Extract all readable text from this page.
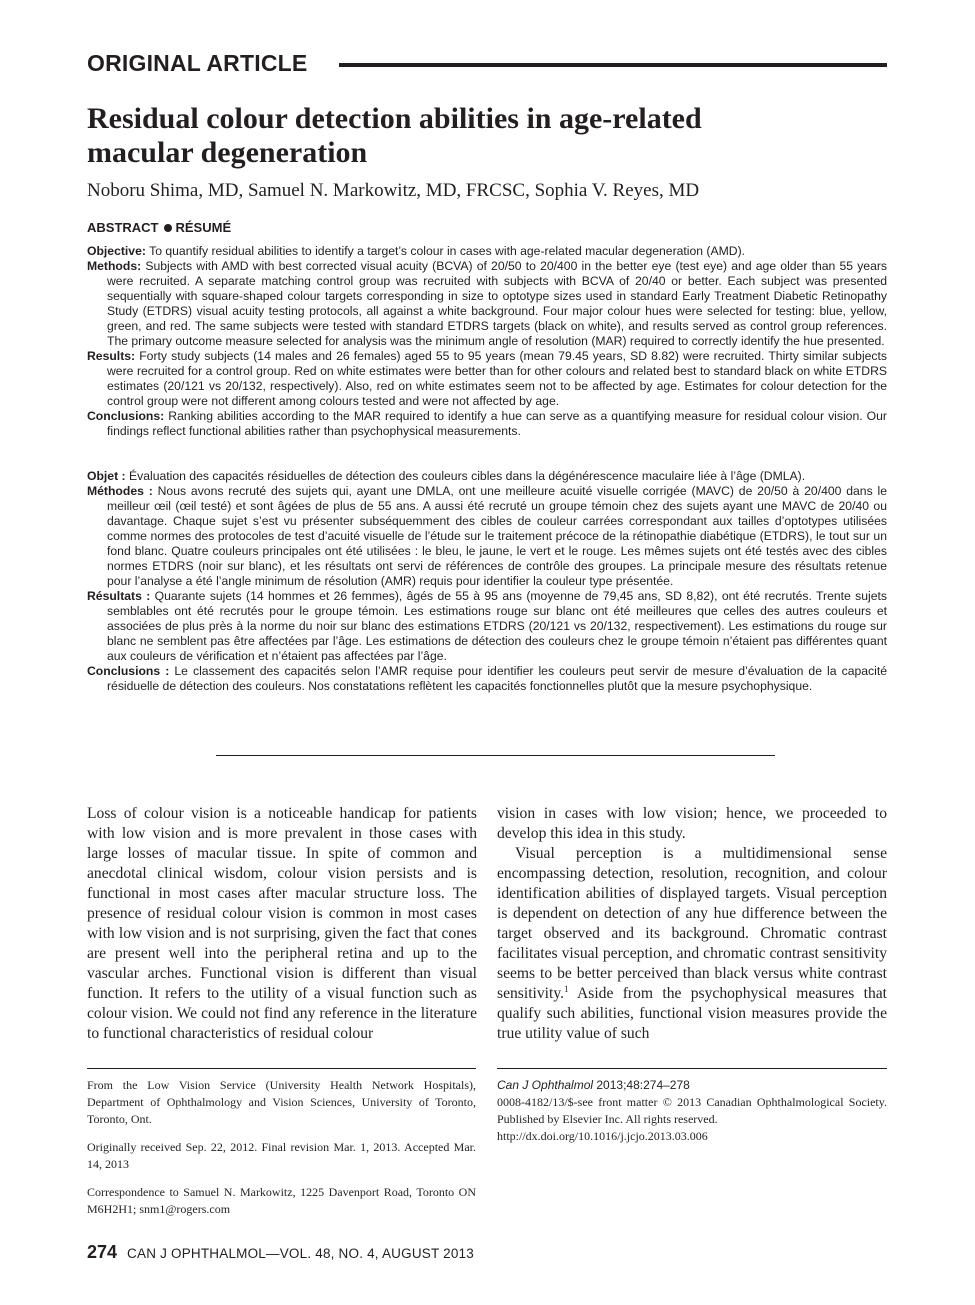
ORIGINAL ARTICLE
Residual colour detection abilities in age-related
macular degeneration
Noboru Shima, MD, Samuel N. Markowitz, MD, FRCSC, Sophia V. Reyes, MD
ABSTRACT RÉSUMÉ

Objective: To quantify residual abilities to identify a target’s colour in cases with age-related macular degeneration (AMD).

Methods: Subjects with AMD with best corrected visual acuity (BCVA) of 20/50 to 20/400 in the better eye (test eye) and age older than 55 years were recruited. A separate matching control group was recruited with subjects with BCVA of 20/40 or better. Each subject was presented sequentially with square-shaped colour targets corresponding in size to optotype sizes used in standard Early Treatment Diabetic Retinopathy Study (ETDRS) visual acuity testing protocols, all against a white background. Four major colour hues were selected for testing: blue, yellow, green, and red. The same subjects were tested with standard ETDRS targets (black on white), and results served as control group references. The primary outcome measure selected for analysis was the minimum angle of resolution (MAR) required to correctly identify the hue presented.

Results: Forty study subjects (14 males and 26 females) aged 55 to 95 years (mean 79.45 years, SD 8.82) were recruited. Thirty similar subjects were recruited for a control group. Red on white estimates were better than for other colours and related best to standard black on white ETDRS estimates (20/121 vs 20/132, respectively). Also, red on white estimates seem not to be affected by age. Estimates for colour detection for the control group were not different among colours tested and were not affected by age.

Conclusions: Ranking abilities according to the MAR required to identify a hue can serve as a quantifying measure for residual colour vision. Our findings reflect functional abilities rather than psychophysical measurements.

Objet : Évaluation des capacités résiduelles de détection des couleurs cibles dans la dégénérescence maculaire liée à l’âge (DMLA).

Méthodes : Nous avons recruté des sujets qui, ayant une DMLA, ont une meilleure acuité visuelle corrigée (MAVC) de 20/50 à 20/400 dans le meilleur œil (œil testé) et sont âgées de plus de 55 ans. A aussi été recruté un groupe témoin chez des sujets ayant une MAVC de 20/40 ou davantage. Chaque sujet s’est vu présenter subséquemment des cibles de couleur carrées correspondant aux tailles d’optotypes utilisées comme normes des protocoles de test d’acuité visuelle de l’étude sur le traitement précoce de la rétinopathie diabétique (ETDRS), le tout sur un fond blanc. Quatre couleurs principales ont été utilisées : le bleu, le jaune, le vert et le rouge. Les mêmes sujets ont été testés avec des cibles normes ETDRS (noir sur blanc), et les résultats ont servi de références de contrôle des groupes. La principale mesure des résultats retenue pour l’analyse a été l’angle minimum de résolution (AMR) requis pour identifier la couleur type présentée.

Résultats : Quarante sujets (14 hommes et 26 femmes), âgés de 55 à 95 ans (moyenne de 79,45 ans, SD 8,82), ont été recrutés. Trente sujets semblables ont été recrutés pour le groupe témoin. Les estimations rouge sur blanc ont été meilleures que celles des autres couleurs et associées de plus près à la norme du noir sur blanc des estimations ETDRS (20/121 vs 20/132, respectivement). Les estimations du rouge sur blanc ne semblent pas être affectées par l’âge. Les estimations de détection des couleurs chez le groupe témoin n’étaient pas différentes quant aux couleurs de vérification et n’étaient pas affectées par l’âge.

Conclusions : Le classement des capacités selon l’AMR requise pour identifier les couleurs peut servir de mesure d’évaluation de la capacité résiduelle de détection des couleurs. Nos constatations reflètent les capacités fonctionnelles plutôt que la mesure psychophysique.

Loss of colour vision is a noticeable handicap for patients with low vision and is more prevalent in those cases with large losses of macular tissue. In spite of common and anecdotal clinical wisdom, colour vision persists and is functional in most cases after macular structure loss. The presence of residual colour vision is common in most cases with low vision and is not surprising, given the fact that cones are present well into the peripheral retina and up to the vascular arches. Functional vision is different than visual function. It refers to the utility of a visual function such as colour vision. We could not find any reference in the literature to functional characteristics of residual colour

vision in cases with low vision; hence, we proceeded to develop this idea in this study.

Visual perception is a multidimensional sense encompassing detection, resolution, recognition, and colour identification abilities of displayed targets. Visual perception is dependent on detection of any hue difference between the target observed and its background. Chromatic contrast facilitates visual perception, and chromatic contrast sensitivity seems to be better perceived than black versus white contrast sensitivity.$^1$ Aside from the psychophysical measures that qualify such abilities, functional vision measures provide the true utility value of such

From the Low Vision Service (University Health Network Hospitals), Department of Ophthalmology and Vision Sciences, University of Toronto, Toronto, Ont.

Originally received Sep. 22, 2012. Final revision Mar. 1, 2013. Accepted Mar. 14, 2013

Correspondence to Samuel N. Markowitz, 1225 Davenport Road, Toronto ON M6H2H1; snm1@rogers.com

Can J Ophthalmol 2013;48:274–278

0008-4182/13/$-see front matter © 2013 Canadian Ophthalmological Society. Published by Elsevier Inc. All rights reserved.

http://dx.doi.org/10.1016/j.jcjo.2013.03.006

274 CAN J OPHTHALMOL—VOL. 48, NO. 4, AUGUST 2013
